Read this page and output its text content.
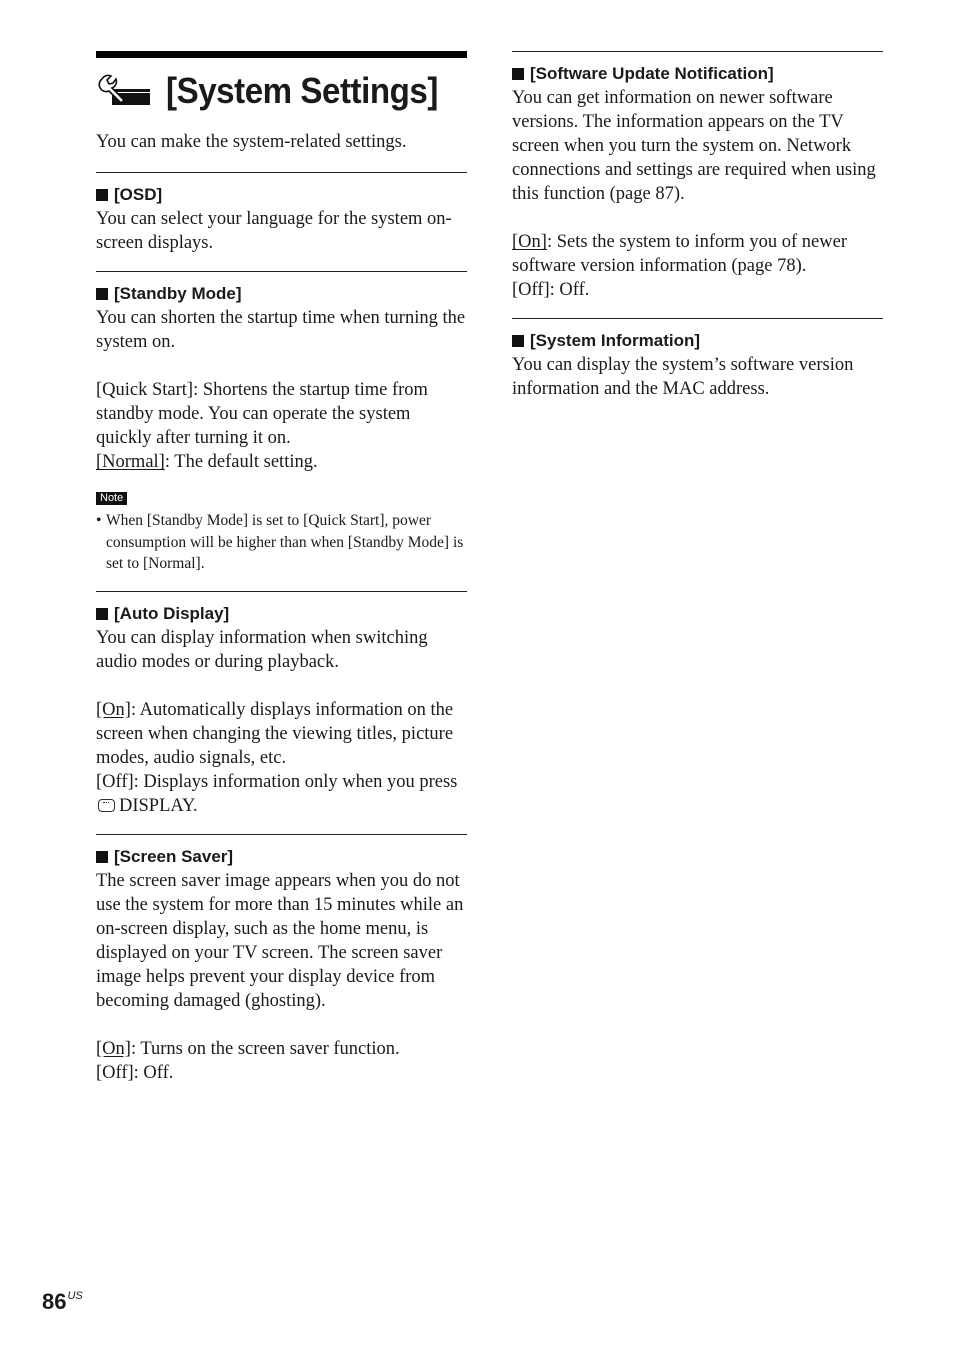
[System Settings]

You can make the system-related settings.

[OSD]

You can select your language for the system on-screen displays.

[Standby Mode]

You can shorten the startup time when turning the system on.

[Quick Start]: Shortens the startup time from standby mode. You can operate the system quickly after turning it on.

[Normal]: The default setting.

Note
• When [Standby Mode] is set to [Quick Start], power consumption will be higher than when [Standby Mode] is set to [Normal].
[Auto Display]

You can display information when switching audio modes or during playback.

[On]: Automatically displays information on the screen when changing the viewing titles, picture modes, audio signals, etc.

[Off]: Displays information only when you press DISPLAY.

[Screen Saver]

The screen saver image appears when you do not use the system for more than 15 minutes while an on-screen display, such as the home menu, is displayed on your TV screen. The screen saver image helps prevent your display device from becoming damaged (ghosting).

[On]: Turns on the screen saver function.

[Off]: Off.

[Software Update Notification]

You can get information on newer software versions. The information appears on the TV screen when you turn the system on. Network connections and settings are required when using this function (page 87).

[On]: Sets the system to inform you of newer software version information (page 78).

[Off]: Off.

[System Information]

You can display the system’s software version information and the MAC address.

$86^{US}$
